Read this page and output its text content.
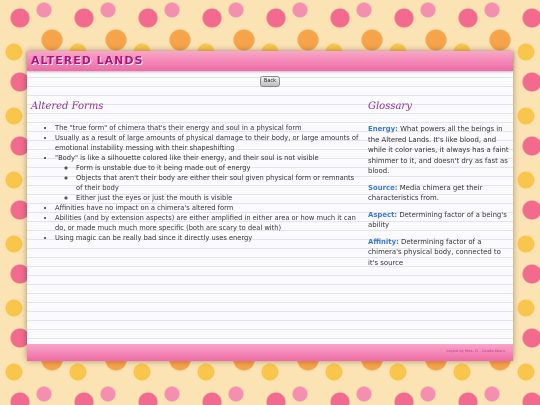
ALTERED LANDS
Back
Altered Forms
• The "true form" of chimera that's their energy and soul in a physical form
• Usually as a result of large amounts of physical damage to their body, or large amounts of emotional instability messing with their shapeshifting
• "Body" is like a silhouette colored like their energy, and their soul is not visible
◦ Form is unstable due to it being made out of energy
◦ Objects that aren't their body are either their soul given physical form or remnants of their body
◦ Either just the eyes or just the mouth is visible
• Affinities have no impact on a chimera's altered form
• Abilities (and by extension aspects) are either amplified in either area or how much it can do, or made much much more specific (both are scary to deal with)
• Using magic can be really bad since it directly uses energy
Glossary

Energy: What powers all the beings in the Altered Lands. It's like blood, and while it color varies, it always has a faint shimmer to it, and doesn't dry as fast as blood.

Source: Media chimera get their characteristics from.

Aspect: Determining factor of a being's ability

Affinity: Determining factor of a chimera's physical body, connected to it's source

Layout by Miss. Ci - Cicada-Kaoru
